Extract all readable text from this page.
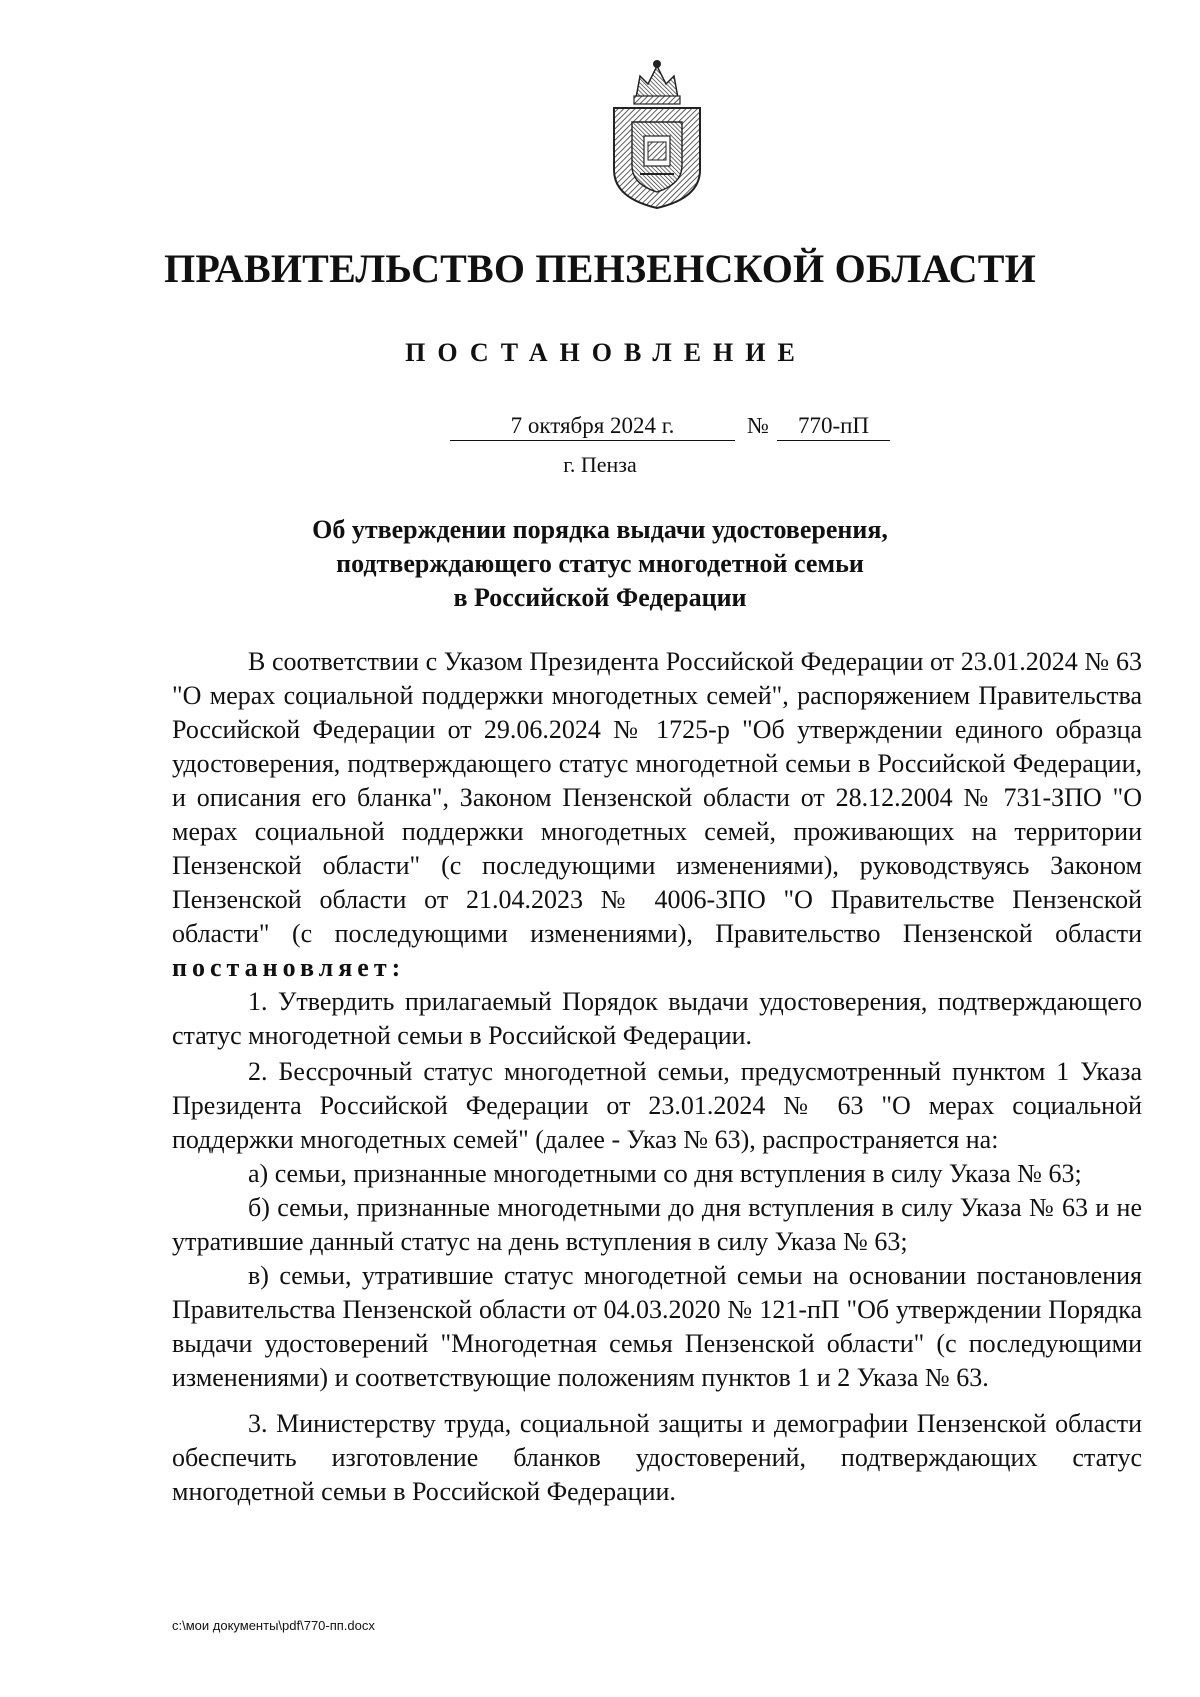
ПРАВИТЕЛЬСТВО ПЕНЗЕНСКОЙ ОБЛАСТИ
ПОСТАНОВЛЕНИЕ
7 октября 2024 г.	№	770-пП
г. Пенза
Об утверждении порядка выдачи удостоверения,
подтверждающего статус многодетной семьи
в Российской Федерации

В соответствии с Указом Президента Российской Федерации от 23.01.2024 № 63 "О мерах социальной поддержки многодетных семей", распоряжением Правительства Российской Федерации от 29.06.2024 № 1725-р "Об утверждении единого образца удостоверения, подтверждающего статус многодетной семьи в Российской Федерации, и описания его бланка", Законом Пензенской области от 28.12.2004 № 731-ЗПО "О мерах социальной поддержки многодетных семей, проживающих на территории Пензенской области" (с последующими изменениями), руководствуясь Законом Пензенской области от 21.04.2023 № 4006-ЗПО "О Правительстве Пензенской области" (с последующими изменениями), Правительство Пензенской области постановляет:

1. Утвердить прилагаемый Порядок выдачи удостоверения, подтверждающего статус многодетной семьи в Российской Федерации.

2. Бессрочный статус многодетной семьи, предусмотренный пунктом 1 Указа Президента Российской Федерации от 23.01.2024 № 63 "О мерах социальной поддержки многодетных семей" (далее - Указ № 63), распространяется на:

а) семьи, признанные многодетными со дня вступления в силу Указа № 63;

б) семьи, признанные многодетными до дня вступления в силу Указа № 63 и не утратившие данный статус на день вступления в силу Указа № 63;

в) семьи, утратившие статус многодетной семьи на основании постановления Правительства Пензенской области от 04.03.2020 № 121-пП "Об утверждении Порядка выдачи удостоверений "Многодетная семья Пензенской области" (с последующими изменениями) и соответствующие положениям пунктов 1 и 2 Указа № 63.

3. Министерству труда, социальной защиты и демографии Пензенской области обеспечить изготовление бланков удостоверений, подтверждающих статус многодетной семьи в Российской Федерации.

c:\мои документы\pdf\770-пп.docx
